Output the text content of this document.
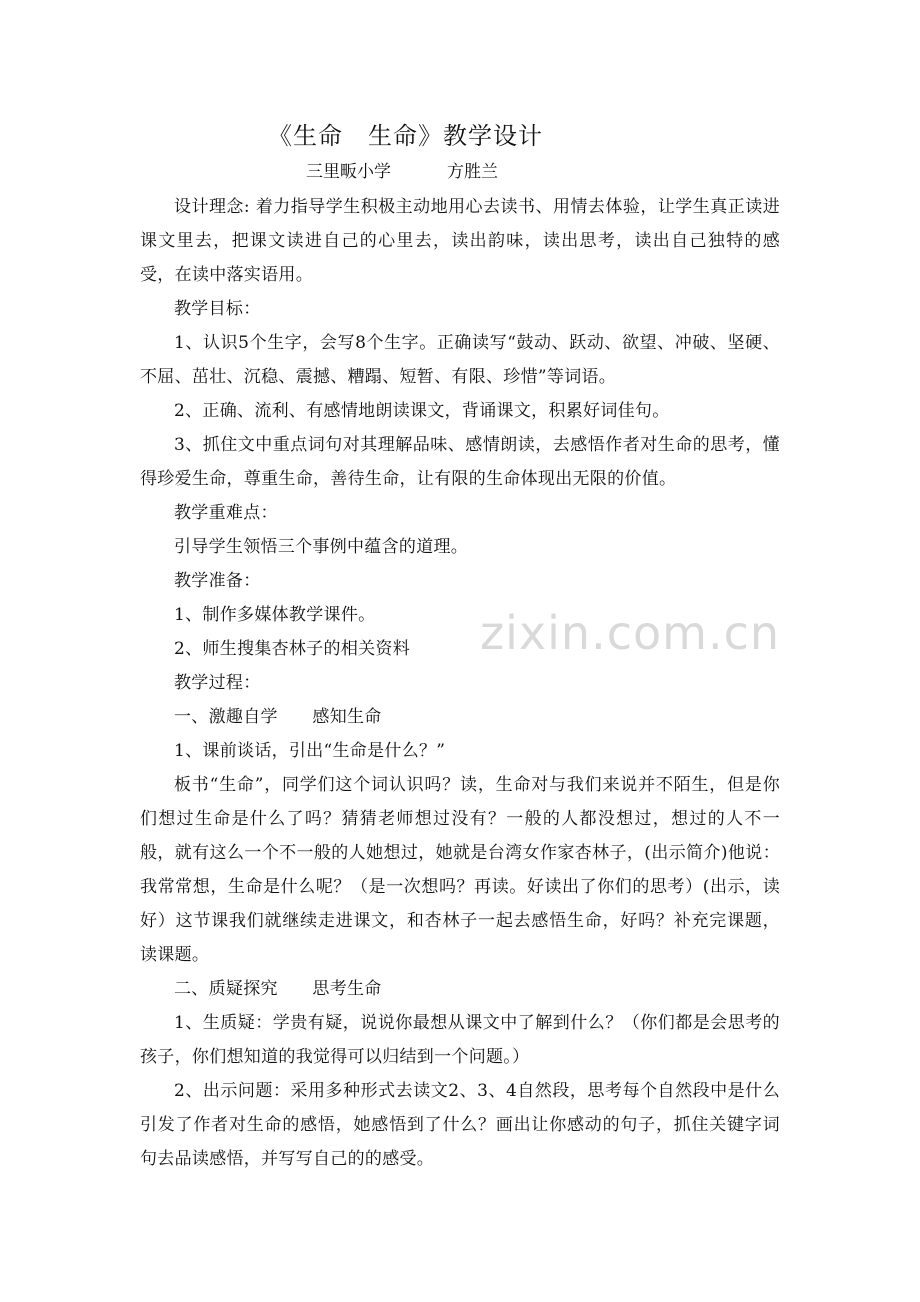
《生命　生命》教学设计
三里畈小学	方胜兰

设计理念: 着力指导学生积极主动地用心去读书、用情去体验，让学生真正读进课文里去，把课文读进自己的心里去，读出韵味，读出思考，读出自己独特的感受，在读中落实语用。

教学目标：

1、认识5个生字，会写8个生字。正确读写“鼓动、跃动、欲望、冲破、坚硬、不屈、茁壮、沉稳、震撼、糟蹋、短暂、有限、珍惜”等词语。

2、正确、流利、有感情地朗读课文，背诵课文，积累好词佳句。

3、抓住文中重点词句对其理解品味、感情朗读，去感悟作者对生命的思考，懂得珍爱生命，尊重生命，善待生命，让有限的生命体现出无限的价值。

教学重难点：

引导学生领悟三个事例中蕴含的道理。

教学准备：

1、制作多媒体教学课件。

2、师生搜集杏林子的相关资料

教学过程：

一、激趣自学　　感知生命

1、课前谈话，引出“生命是什么？”

板书“生命”，同学们这个词认识吗？读，生命对与我们来说并不陌生，但是你们想过生命是什么了吗？猜猜老师想过没有？一般的人都没想过，想过的人不一般，就有这么一个不一般的人她想过，她就是台湾女作家杏林子，(出示简介)他说：我常常想，生命是什么呢？（是一次想吗？再读。好读出了你们的思考）(出示，读好）这节课我们就继续走进课文，和杏林子一起去感悟生命，好吗？补充完课题，读课题。

二、质疑探究　　思考生命

1、生质疑：学贵有疑，说说你最想从课文中了解到什么？（你们都是会思考的孩子，你们想知道的我觉得可以归结到一个问题。）

2、出示问题：采用多种形式去读文2、3、4自然段，思考每个自然段中是什么引发了作者对生命的感悟，她感悟到了什么？画出让你感动的句子，抓住关键字词句去品读感悟，并写写自己的的感受。

zixin.com.cn
